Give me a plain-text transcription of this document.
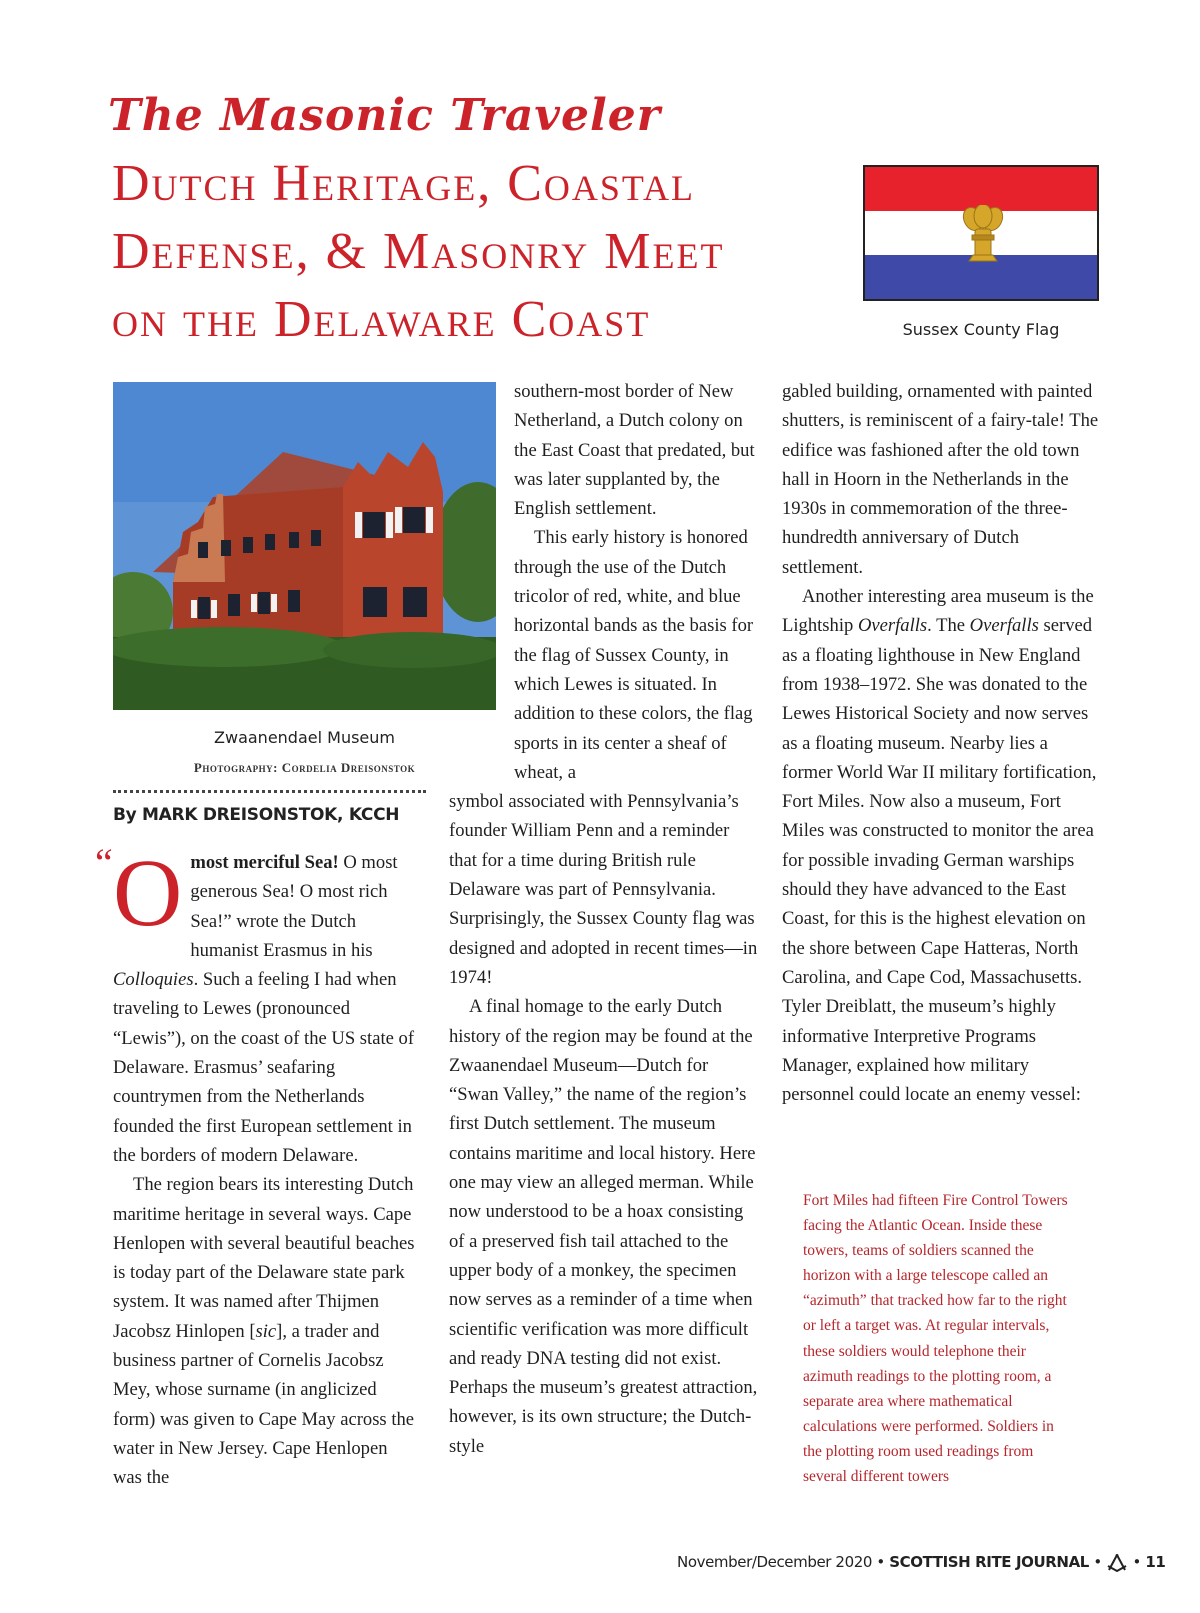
The Masonic Traveler
Dutch Heritage, Coastal
Defense, & Masonry Meet
on the Delaware Coast	Sussex County Flag
Zwaanendael Museum
Photography: Cordelia Dreisonstok
By MARK DREISONSTOK, KCCH

“ O most merciful Sea! O most generous Sea! O most rich Sea!” wrote the Dutch humanist Erasmus in his Colloquies. Such a feeling I had when traveling to Lewes (pronounced “Lewis”), on the coast of the US state of Delaware. Erasmus’ seafaring countrymen from the Netherlands founded the first European settlement in the borders of modern Delaware.

The region bears its interesting Dutch maritime heritage in several ways. Cape Henlopen with several beautiful beaches is today part of the Delaware state park system. It was named after Thijmen Jacobsz Hinlopen [sic], a trader and business partner of Cornelis Jacobsz Mey, whose surname (in anglicized form) was given to Cape May across the water in New Jersey. Cape Henlopen was the

southern-most border of New Netherland, a Dutch colony on the East Coast that predated, but was later supplanted by, the English settlement.

This early history is honored through the use of the Dutch tricolor of red, white, and blue horizontal bands as the basis for the flag of Sussex County, in which Lewes is situated. In addition to these colors, the flag sports in its center a sheaf of wheat, a

symbol associated with Pennsylvania’s founder William Penn and a reminder that for a time during British rule Delaware was part of Pennsylvania. Surprisingly, the Sussex County flag was designed and adopted in recent times—in 1974!

A final homage to the early Dutch history of the region may be found at the Zwaanendael Museum—Dutch for “Swan Valley,” the name of the region’s first Dutch settlement. The museum contains maritime and local history. Here one may view an alleged merman. While now understood to be a hoax consisting of a preserved fish tail attached to the upper body of a monkey, the specimen now serves as a reminder of a time when scientific verification was more difficult and ready DNA testing did not exist. Perhaps the museum’s greatest attraction, however, is its own structure; the Dutch-style

gabled building, ornamented with painted shutters, is reminiscent of a fairy-tale! The edifice was fashioned after the old town hall in Hoorn in the Netherlands in the 1930s in commemoration of the three-hundredth anniversary of Dutch settlement.

Another interesting area museum is the Lightship Overfalls. The Overfalls served as a floating lighthouse in New England from 1938–1972. She was donated to the Lewes Historical Society and now serves as a floating museum. Nearby lies a former World War II military fortification, Fort Miles. Now also a museum, Fort Miles was constructed to monitor the area for possible invading German warships should they have advanced to the East Coast, for this is the highest elevation on the shore between Cape Hatteras, North Carolina, and Cape Cod, Massachusetts. Tyler Dreiblatt, the museum’s highly informative Interpretive Programs Manager, explained how military personnel could locate an enemy vessel:

Fort Miles had fifteen Fire Control Towers facing the Atlantic Ocean. Inside these towers, teams of soldiers scanned the horizon with a large telescope called an “azimuth” that tracked how far to the right or left a target was. At regular intervals, these soldiers would telephone their azimuth readings to the plotting room, a separate area where mathematical calculations were performed. Soldiers in the plotting room used readings from several different towers
November/December 2020 • SCOTTISH RITE JOURNAL •  • 11
